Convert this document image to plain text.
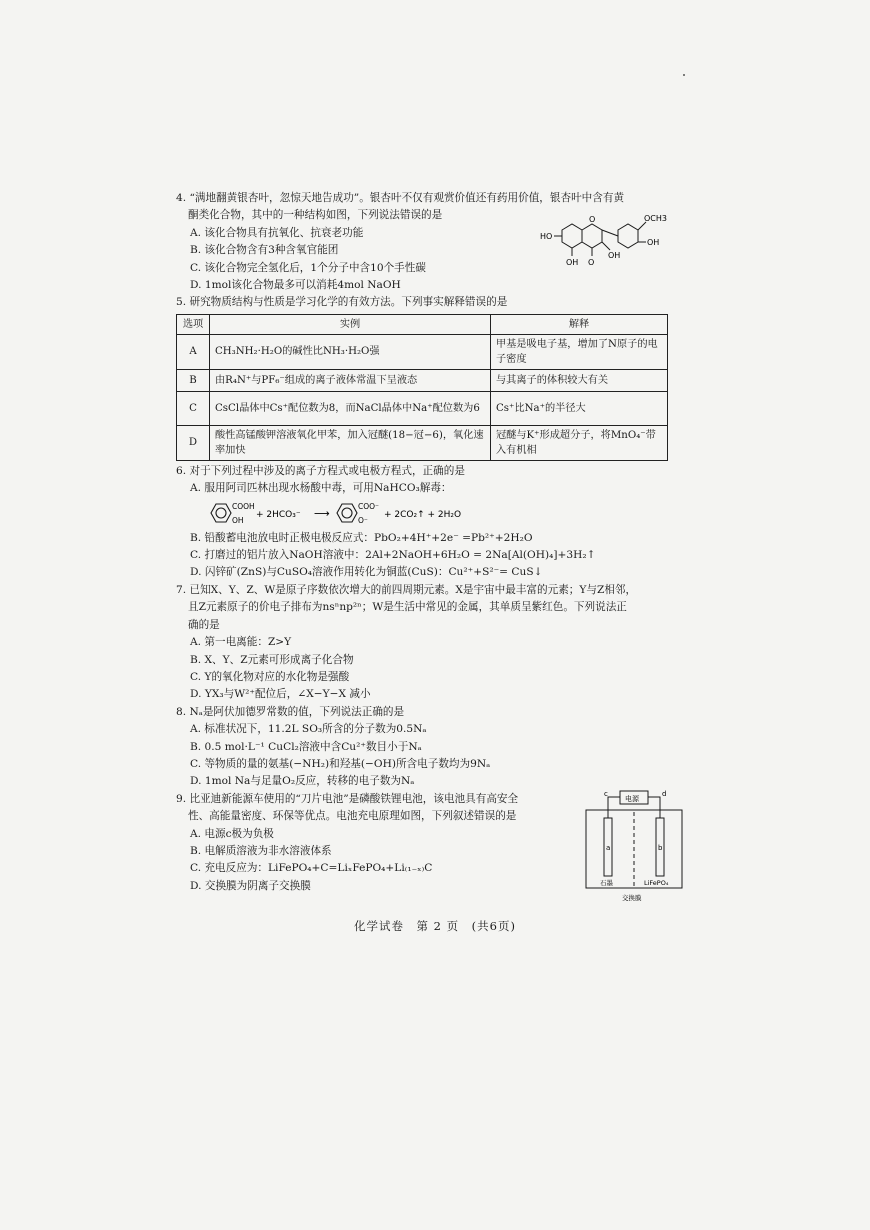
4. “满地翻黄银杏叶，忽惊天地告成功”。银杏叶不仅有观赏价值还有药用价值，银杏叶中含有黄

酮类化合物，其中的一种结构如图，下列说法错误的是

A. 该化合物具有抗氧化、抗衰老功能

B. 该化合物含有3种含氧官能团

C. 该化合物完全氢化后，1个分子中含10个手性碳

D. 1mol该化合物最多可以消耗4mol NaOH

5. 研究物质结构与性质是学习化学的有效方法。下列事实解释错误的是

选项	实例	解释
A	CH₃NH₂·H₂O的碱性比NH₃·H₂O强	甲基是吸电子基，增加了N原子的电子密度
B	由R₄N⁺与PF₆⁻组成的离子液体常温下呈液态	与其离子的体积较大有关
C	CsCl晶体中Cs⁺配位数为8，而NaCl晶体中Na⁺配位数为6	Cs⁺比Na⁺的半径大
D	酸性高锰酸钾溶液氧化甲苯，加入冠醚(18−冠−6)，氧化速率加快	冠醚与K⁺形成超分子，将MnO₄⁻带入有机相

6. 对于下列过程中涉及的离子方程式或电极方程式，正确的是

A. 服用阿司匹林出现水杨酸中毒，可用NaHCO₃解毒：

COOH
OH
+ 2HCO₃⁻ ⟶
COO⁻
O⁻
+ 2CO₂↑ + 2H₂O

B. 铅酸蓄电池放电时正极电极反应式：PbO₂+4H⁺+2e⁻ =Pb²⁺+2H₂O

C. 打磨过的铝片放入NaOH溶液中：2Al+2NaOH+6H₂O = 2Na[Al(OH)₄]+3H₂↑

D. 闪锌矿(ZnS)与CuSO₄溶液作用转化为铜蓝(CuS)：Cu²⁺+S²⁻= CuS↓

7. 已知X、Y、Z、W是原子序数依次增大的前四周期元素。X是宇宙中最丰富的元素；Y与Z相邻，

且Z元素原子的价电子排布为nsⁿnp²ⁿ；W是生活中常见的金属，其单质呈紫红色。下列说法正

确的是

A. 第一电离能：Z>Y

B. X、Y、Z元素可形成离子化合物

C. Y的氧化物对应的水化物是强酸

D. YX₃与W²⁺配位后，∠X−Y−X 减小

8. Nₐ是阿伏加德罗常数的值，下列说法正确的是

A. 标准状况下，11.2L SO₃所含的分子数为0.5Nₐ

B. 0.5 mol·L⁻¹ CuCl₂溶液中含Cu²⁺数目小于Nₐ

C. 等物质的量的氨基(−NH₂)和羟基(−OH)所含电子数均为9Nₐ

D. 1mol Na与足量O₂反应，转移的电子数为Nₐ

9. 比亚迪新能源车使用的“刀片电池”是磷酸铁锂电池，该电池具有高安全

性、高能量密度、环保等优点。电池充电原理如图，下列叙述错误的是

A. 电源c极为负极

B. 电解质溶液为非水溶液体系

C. 充电反应为：LiFePO₄+C=LiₓFePO₄+Li₍₁₋ₓ₎C

D. 交换膜为阴离子交换膜

HO
O
OH O
OH
OCH3
OH
c	d
电源
a	b
石墨	LiFePO₄
交换膜
化学试卷　第 2 页　(共6页)
